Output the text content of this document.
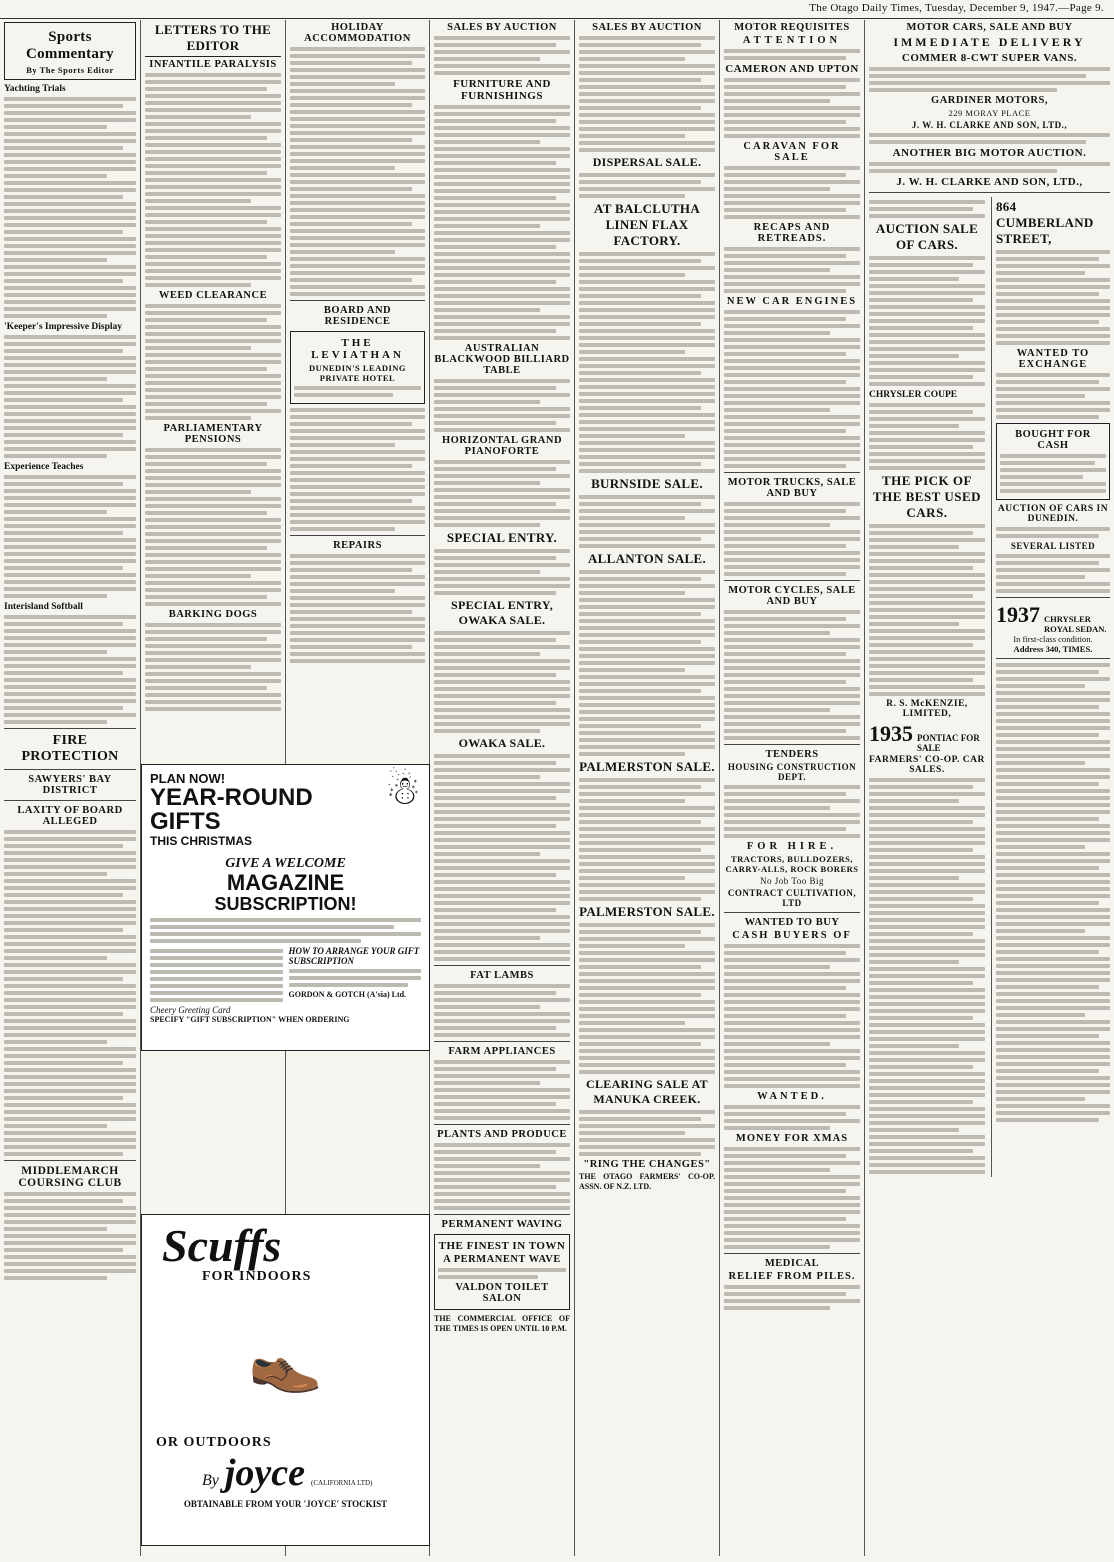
The Otago Daily Times, Tuesday, December 9, 1947.—Page 9.
Sports Commentary
By The Sports Editor
Yachting Trials
'Keeper's Impressive Display
Experience Teaches
Interisland Softball
FIRE PROTECTION
SAWYERS' BAY DISTRICT
LAXITY OF BOARD ALLEGED
MIDDLEMARCH COURSING CLUB
LETTERS TO THE EDITOR
INFANTILE PARALYSIS
WEED CLEARANCE
PARLIAMENTARY PENSIONS
BARKING DOGS
PLAN NOW!
YEAR-ROUND
GIFTS
THIS CHRISTMAS
☃
GIVE A WELCOME
MAGAZINE
SUBSCRIPTION!
HOW TO ARRANGE YOUR GIFT SUBSCRIPTION
GORDON & GOTCH (A'sia) Ltd.
Cheery Greeting Card
SPECIFY "GIFT SUBSCRIPTION" WHEN ORDERING
Scuffs
FOR INDOORS
👞
OR OUTDOORS
By joyce (CALIFORNIA LTD)
OBTAINABLE FROM YOUR 'JOYCE' STOCKIST
HOLIDAY ACCOMMODATION
BOARD AND RESIDENCE
THE LEVIATHAN
DUNEDIN'S LEADING PRIVATE HOTEL
REPAIRS
SALES BY AUCTION
FURNITURE AND FURNISHINGS
AUSTRALIAN BLACKWOOD BILLIARD TABLE
HORIZONTAL GRAND PIANOFORTE
SPECIAL ENTRY.
SPECIAL ENTRY, OWAKA SALE.
OWAKA SALE.
FAT LAMBS
FARM APPLIANCES
PLANTS AND PRODUCE
PERMANENT WAVING
THE FINEST IN TOWN
A PERMANENT WAVE
VALDON TOILET SALON
THE COMMERCIAL OFFICE OF THE TIMES IS OPEN UNTIL 10 P.M.
SALES BY AUCTION
DISPERSAL SALE.
AT BALCLUTHA LINEN FLAX FACTORY.
BURNSIDE SALE.
ALLANTON SALE.
PALMERSTON SALE.
PALMERSTON SALE.
CLEARING SALE AT MANUKA CREEK.
"RING THE CHANGES"
THE OTAGO FARMERS' CO-OP. ASSN. OF N.Z. LTD.
MOTOR REQUISITES
ATTENTION
CAMERON AND UPTON
CARAVAN FOR SALE
RECAPS AND RETREADS.
NEW CAR ENGINES
MOTOR TRUCKS, SALE AND BUY
MOTOR CYCLES, SALE AND BUY
TENDERS
HOUSING CONSTRUCTION DEPT.
FOR HIRE.
TRACTORS, BULLDOZERS, CARRY-ALLS, ROCK BORERS
No Job Too Big
CONTRACT CULTIVATION, LTD
WANTED TO BUY
CASH BUYERS OF
WANTED.
MONEY FOR XMAS
MEDICAL
RELIEF FROM PILES.
MOTOR CARS, SALE AND BUY
IMMEDIATE DELIVERY
COMMER 8-CWT SUPER VANS.
GARDINER MOTORS,
229 MORAY PLACE
J. W. H. CLARKE AND SON, LTD.,
ANOTHER BIG MOTOR AUCTION.
J. W. H. CLARKE AND SON, LTD.,
AUCTION SALE OF CARS.
CHRYSLER COUPE
THE PICK OF THE BEST USED CARS.
R. S. McKENZIE, LIMITED,
1935 PONTIAC FOR SALE
FARMERS' CO-OP. CAR SALES.
864 CUMBERLAND STREET,
WANTED TO EXCHANGE
BOUGHT FOR CASH
AUCTION OF CARS IN DUNEDIN.
SEVERAL LISTED
1937 CHRYSLER ROYAL SEDAN.
In first-class condition.
Address 340, TIMES.
